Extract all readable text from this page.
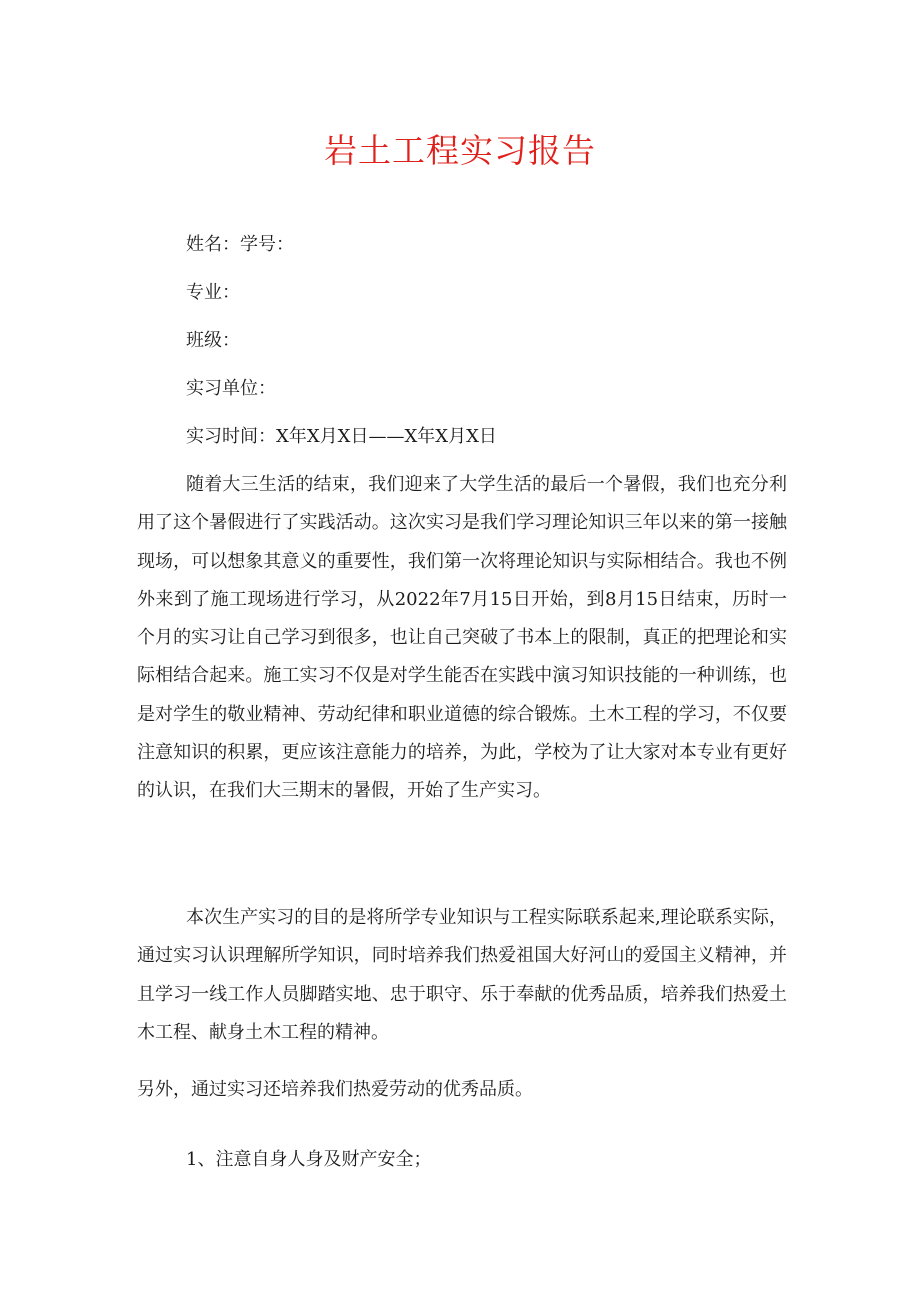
岩土工程实习报告

姓名：学号：

专业：

班级：

实习单位：

实习时间：X年X月X日——X年X月X日

随着大三生活的结束，我们迎来了大学生活的最后一个暑假，我们也充分利用了这个暑假进行了实践活动。这次实习是我们学习理论知识三年以来的第一接触现场，可以想象其意义的重要性，我们第一次将理论知识与实际相结合。我也不例外来到了施工现场进行学习，从2022年7月15日开始，到8月15日结束，历时一个月的实习让自己学习到很多，也让自己突破了书本上的限制，真正的把理论和实际相结合起来。施工实习不仅是对学生能否在实践中演习知识技能的一种训练，也是对学生的敬业精神、劳动纪律和职业道德的综合锻炼。土木工程的学习，不仅要注意知识的积累，更应该注意能力的培养，为此，学校为了让大家对本专业有更好的认识，在我们大三期末的暑假，开始了生产实习。

本次生产实习的目的是将所学专业知识与工程实际联系起来,理论联系实际，通过实习认识理解所学知识，同时培养我们热爱祖国大好河山的爱国主义精神，并且学习一线工作人员脚踏实地、忠于职守、乐于奉献的优秀品质，培养我们热爱土木工程、献身土木工程的精神。

另外，通过实习还培养我们热爱劳动的优秀品质。

1、注意自身人身及财产安全；
